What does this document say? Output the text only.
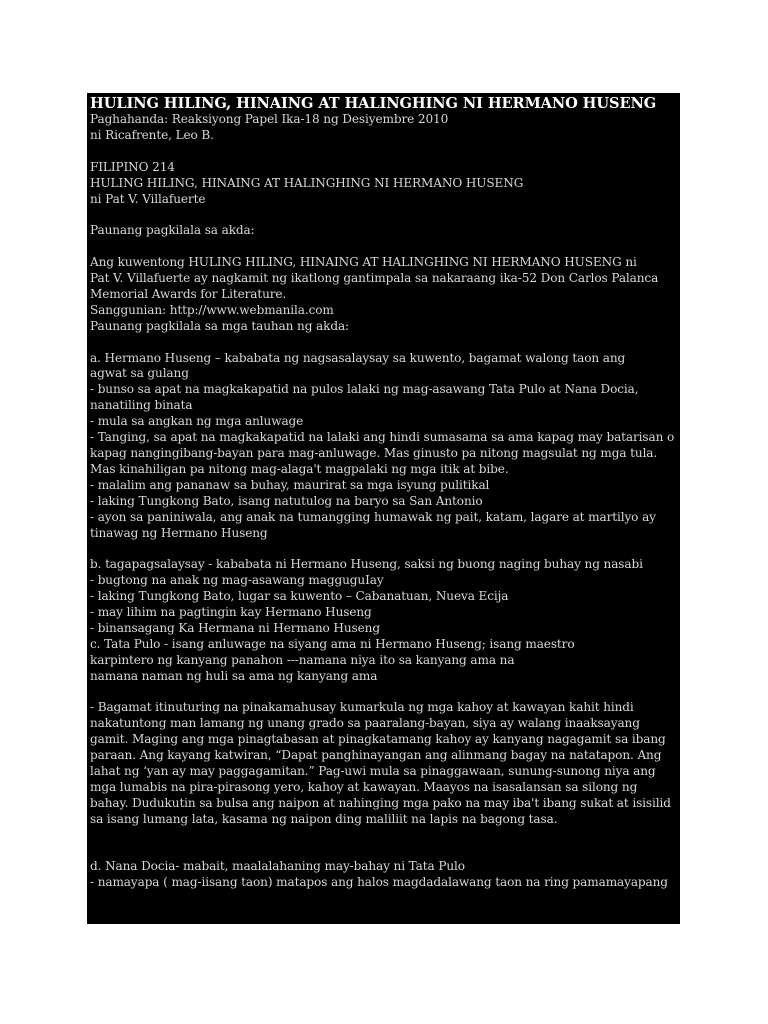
HULING HILING, HINAING AT HALINGHING NI HERMANO HUSENG
Paghahanda: Reaksiyong Papel Ika-18 ng Desiyembre 2010
ni Ricafrente, Leo B.
FILIPINO 214
HULING HILING, HINAING AT HALINGHING NI HERMANO HUSENG
ni Pat V. Villafuerte
Paunang pagkilala sa akda:
Ang kuwentong HULING HILING, HINAING AT HALINGHING NI HERMANO HUSENG ni
Pat V. Villafuerte ay nagkamit ng ikatlong gantimpala sa nakaraang ika-52 Don Carlos Palanca
Memorial Awards for Literature.
Sanggunian: http://www.webmanila.com
Paunang pagkilala sa mga tauhan ng akda:
a. Hermano Huseng – kababata ng nagsasalaysay sa kuwento, bagamat walong taon ang
agwat sa gulang
- bunso sa apat na magkakapatid na pulos lalaki ng mag-asawang Tata Pulo at Nana Docia,
nanatiling binata
- mula sa angkan ng mga anluwage
- Tanging, sa apat na magkakapatid na lalaki ang hindi sumasama sa ama kapag may batarisan o
kapag nangingibang-bayan para mag-anluwage. Mas ginusto pa nitong magsulat ng mga tula.
Mas kinahiligan pa nitong mag-alaga't magpalaki ng mga itik at bibe.
- malalim ang pananaw sa buhay, maurirat sa mga isyung pulitikal
- laking Tungkong Bato, isang natutulog na baryo sa San Antonio
- ayon sa paniniwala, ang anak na tumangging humawak ng pait, katam, lagare at martilyo ay
tinawag ng Hermano Huseng
b. tagapagsalaysay - kababata ni Hermano Huseng, saksi ng buong naging buhay ng nasabi
- bugtong na anak ng mag-asawang magguguIay
- laking Tungkong Bato, lugar sa kuwento – Cabanatuan, Nueva Ecija
- may lihim na pagtingin kay Hermano Huseng
- binansagang Ka Hermana ni Hermano Huseng
c. Tata Pulo - isang anluwage na siyang ama ni Hermano Huseng; isang maestro
karpintero ng kanyang panahon ---namana niya ito sa kanyang ama na
namana naman ng huli sa ama ng kanyang ama
- Bagamat itinuturing na pinakamahusay kumarkula ng mga kahoy at kawayan kahit hindi
nakatuntong man lamang ng unang grado sa paaralang-bayan, siya ay walang inaaksayang
gamit. Maging ang mga pinagtabasan at pinagkatamang kahoy ay kanyang nagagamit sa ibang
paraan. Ang kayang katwiran, “Dapat panghinayangan ang alinmang bagay na natatapon. Ang
lahat ng ‘yan ay may paggagamitan.” Pag-uwi mula sa pinaggawaan, sunung-sunong niya ang
mga lumabis na pira-pirasong yero, kahoy at kawayan. Maayos na isasalansan sa silong ng
bahay. Dudukutin sa bulsa ang naipon at nahinging mga pako na may iba't ibang sukat at isisilid
sa isang lumang lata, kasama ng naipon ding maliliit na lapis na bagong tasa.
d. Nana Docia- mabait, maalalahaning may-bahay ni Tata Pulo
- namayapa ( mag-iisang taon) matapos ang halos magdadalawang taon na ring pamamayapang
